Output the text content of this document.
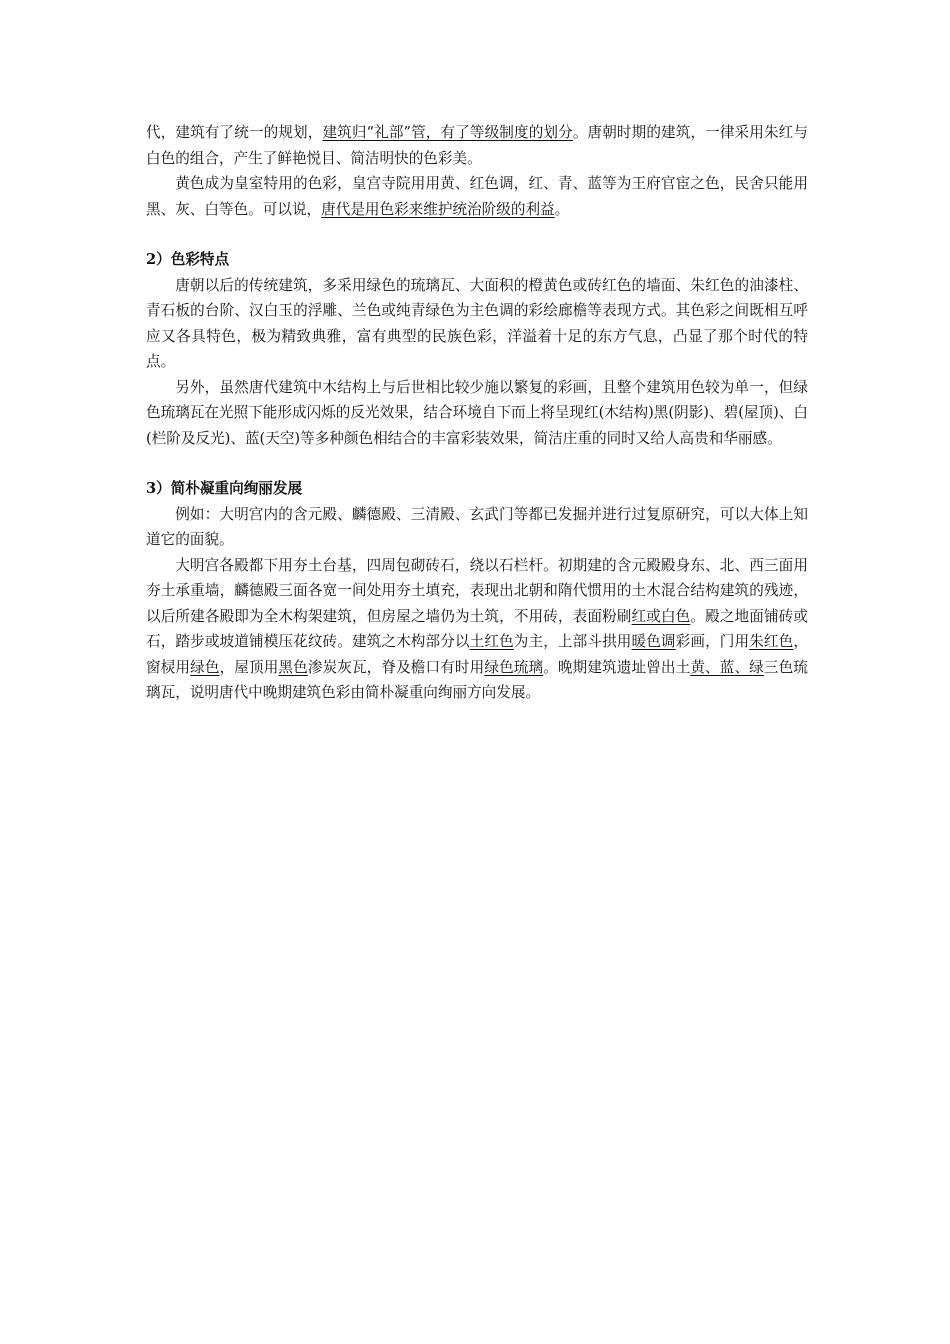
代，建筑有了统一的规划，建筑归“礼部”管，有了等级制度的划分。唐朝时期的建筑，一律采用朱红与白色的组合，产生了鲜艳悦目、简洁明快的色彩美。

黄色成为皇室特用的色彩，皇宫寺院用用黄、红色调，红、青、蓝等为王府官宦之色，民舍只能用黑、灰、白等色。可以说，唐代是用色彩来维护统治阶级的利益。

2）色彩特点

唐朝以后的传统建筑，多采用绿色的琉璃瓦、大面积的橙黄色或砖红色的墙面、朱红色的油漆柱、青石板的台阶、汉白玉的浮雕、兰色或纯青绿色为主色调的彩绘廊檐等表现方式。其色彩之间既相互呼应又各具特色，极为精致典雅，富有典型的民族色彩，洋溢着十足的东方气息，凸显了那个时代的特点。

另外，虽然唐代建筑中木结构上与后世相比较少施以繁复的彩画，且整个建筑用色较为单一，但绿色琉璃瓦在光照下能形成闪烁的反光效果，结合环境自下而上将呈现红(木结构)黑(阴影)、碧(屋顶)、白(栏阶及反光)、蓝(天空)等多种颜色相结合的丰富彩装效果，简洁庄重的同时又给人高贵和华丽感。

3）简朴凝重向绚丽发展

例如：大明宫内的含元殿、麟德殿、三清殿、玄武门等都已发掘并进行过复原研究，可以大体上知道它的面貌。

大明宫各殿都下用夯土台基，四周包砌砖石，绕以石栏杆。初期建的含元殿殿身东、北、西三面用夯土承重墙，麟德殿三面各宽一间处用夯土填充，表现出北朝和隋代惯用的土木混合结构建筑的残迹，以后所建各殿即为全木构架建筑，但房屋之墙仍为土筑，不用砖，表面粉刷红或白色。殿之地面铺砖或石，踏步或坡道铺模压花纹砖。建筑之木构部分以土红色为主，上部斗拱用暖色调彩画，门用朱红色，窗棂用绿色，屋顶用黑色渗炭灰瓦，脊及檐口有时用绿色琉璃。晚期建筑遗址曾出土黄、蓝、绿三色琉璃瓦，说明唐代中晚期建筑色彩由简朴凝重向绚丽方向发展。
